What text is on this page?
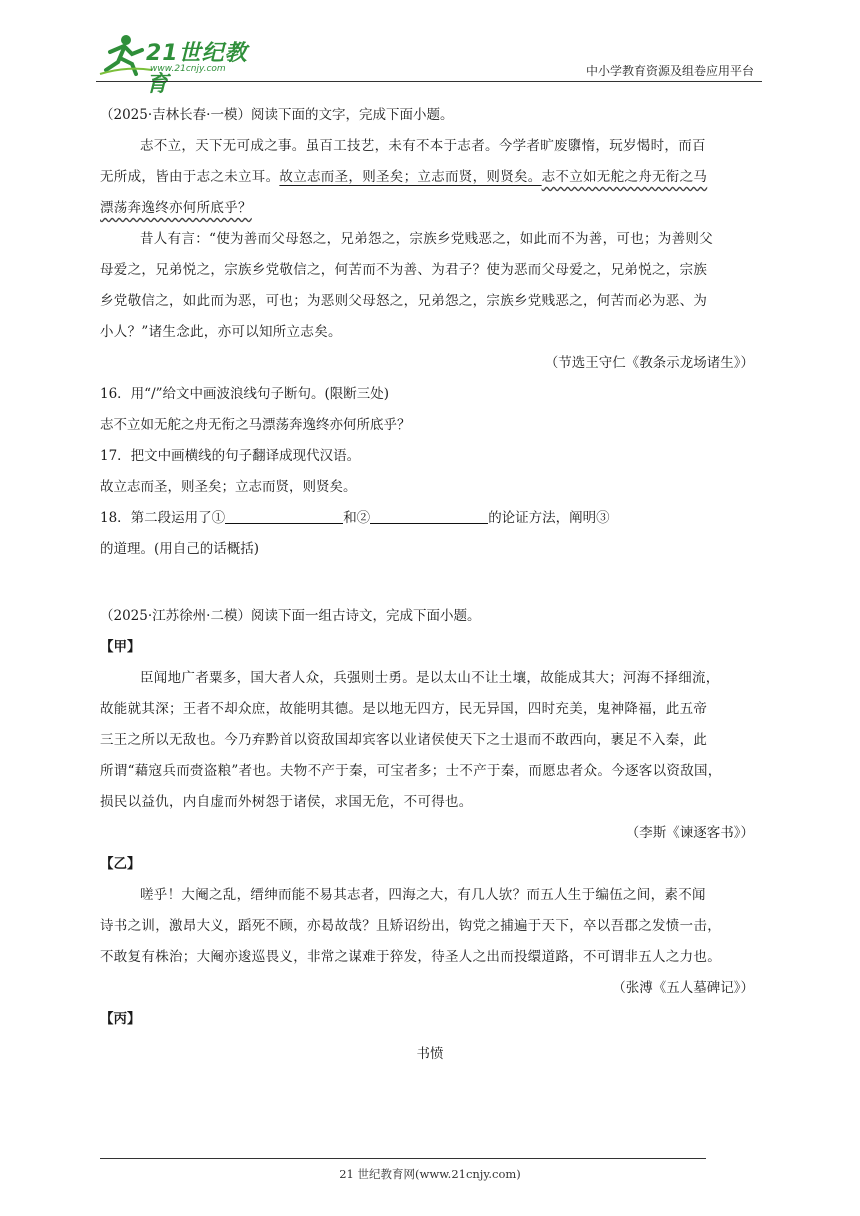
21世纪教育
www.21cnjy.com	中小学教育资源及组卷应用平台
（2025·吉林长春·一模）阅读下面的文字，完成下面小题。
志不立，天下无可成之事。虽百工技艺，未有不本于志者。今学者旷废隳惰，玩岁愒时，而百
无所成，皆由于志之未立耳。故立志而圣，则圣矣；立志而贤，则贤矣。志不立如无舵之舟无衔之马
漂荡奔逸终亦何所底乎？
昔人有言：“使为善而父母怒之，兄弟怨之，宗族乡党贱恶之，如此而不为善，可也；为善则父
母爱之，兄弟悦之，宗族乡党敬信之，何苦而不为善、为君子？使为恶而父母爱之，兄弟悦之，宗族
乡党敬信之，如此而为恶，可也；为恶则父母怒之，兄弟怨之，宗族乡党贱恶之，何苦而必为恶、为
小人？”诸生念此，亦可以知所立志矣。
（节选王守仁《教条示龙场诸生》）
16．用“/”给文中画波浪线句子断句。(限断三处)
志不立如无舵之舟无衔之马漂荡奔逸终亦何所底乎？
17．把文中画横线的句子翻译成现代汉语。
故立志而圣，则圣矣；立志而贤，则贤矣。
18．第二段运用了①	和②	的论证方法，阐明③
的道理。(用自己的话概括)
（2025·江苏徐州·二模）阅读下面一组古诗文，完成下面小题。
【甲】
臣闻地广者粟多，国大者人众，兵强则士勇。是以太山不让土壤，故能成其大；河海不择细流，
故能就其深；王者不却众庶，故能明其德。是以地无四方，民无异国，四时充美，鬼神降福，此五帝
三王之所以无敌也。今乃弃黔首以资敌国却宾客以业诸侯使天下之士退而不敢西向，裹足不入秦，此
所谓“藉寇兵而赍盗粮”者也。夫物不产于秦，可宝者多；士不产于秦，而愿忠者众。今逐客以资敌国，
损民以益仇，内自虚而外树怨于诸侯，求国无危，不可得也。
（李斯《谏逐客书》）
【乙】
嗟乎！大阉之乱，缙绅而能不易其志者，四海之大，有几人欤？而五人生于编伍之间，素不闻
诗书之训，激昂大义，蹈死不顾，亦曷故哉？且矫诏纷出，钩党之捕遍于天下，卒以吾郡之发愤一击，
不敢复有株治；大阉亦逡巡畏义，非常之谋难于猝发，待圣人之出而投缳道路，不可谓非五人之力也。
（张溥《五人墓碑记》）
【丙】
书愤
21 世纪教育网(www.21cnjy.com)
